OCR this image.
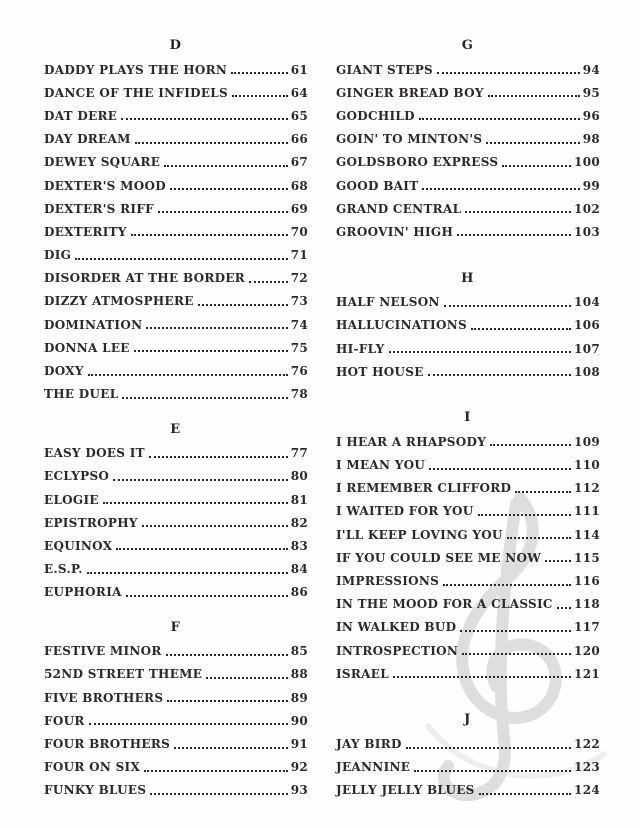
D
DADDY PLAYS THE HORN	61
DANCE OF THE INFIDELS	64
DAT DERE	65
DAY DREAM	66
DEWEY SQUARE	67
DEXTER'S MOOD	68
DEXTER'S RIFF	69
DEXTERITY	70
DIG	71
DISORDER AT THE BORDER	72
DIZZY ATMOSPHERE	73
DOMINATION	74
DONNA LEE	75
DOXY	76
THE DUEL	78
E
EASY DOES IT	77
ECLYPSO	80
ELOGIE	81
EPISTROPHY	82
EQUINOX	83
E.S.P.	84
EUPHORIA	86
F
FESTIVE MINOR	85
52ND STREET THEME	88
FIVE BROTHERS	89
FOUR	90
FOUR BROTHERS	91
FOUR ON SIX	92
FUNKY BLUES	93
G
GIANT STEPS	94
GINGER BREAD BOY	95
GODCHILD	96
GOIN' TO MINTON'S	98
GOLDSBORO EXPRESS	100
GOOD BAIT	99
GRAND CENTRAL	102
GROOVIN' HIGH	103
H
HALF NELSON	104
HALLUCINATIONS	106
HI-FLY	107
HOT HOUSE	108
I
I HEAR A RHAPSODY	109
I MEAN YOU	110
I REMEMBER CLIFFORD	112
I WAITED FOR YOU	111
I'LL KEEP LOVING YOU	114
IF YOU COULD SEE ME NOW	115
IMPRESSIONS	116
IN THE MOOD FOR A CLASSIC 118
IN WALKED BUD	117
INTROSPECTION	120
ISRAEL	121
J
JAY BIRD	122
JEANNINE	123
JELLY JELLY BLUES	124
